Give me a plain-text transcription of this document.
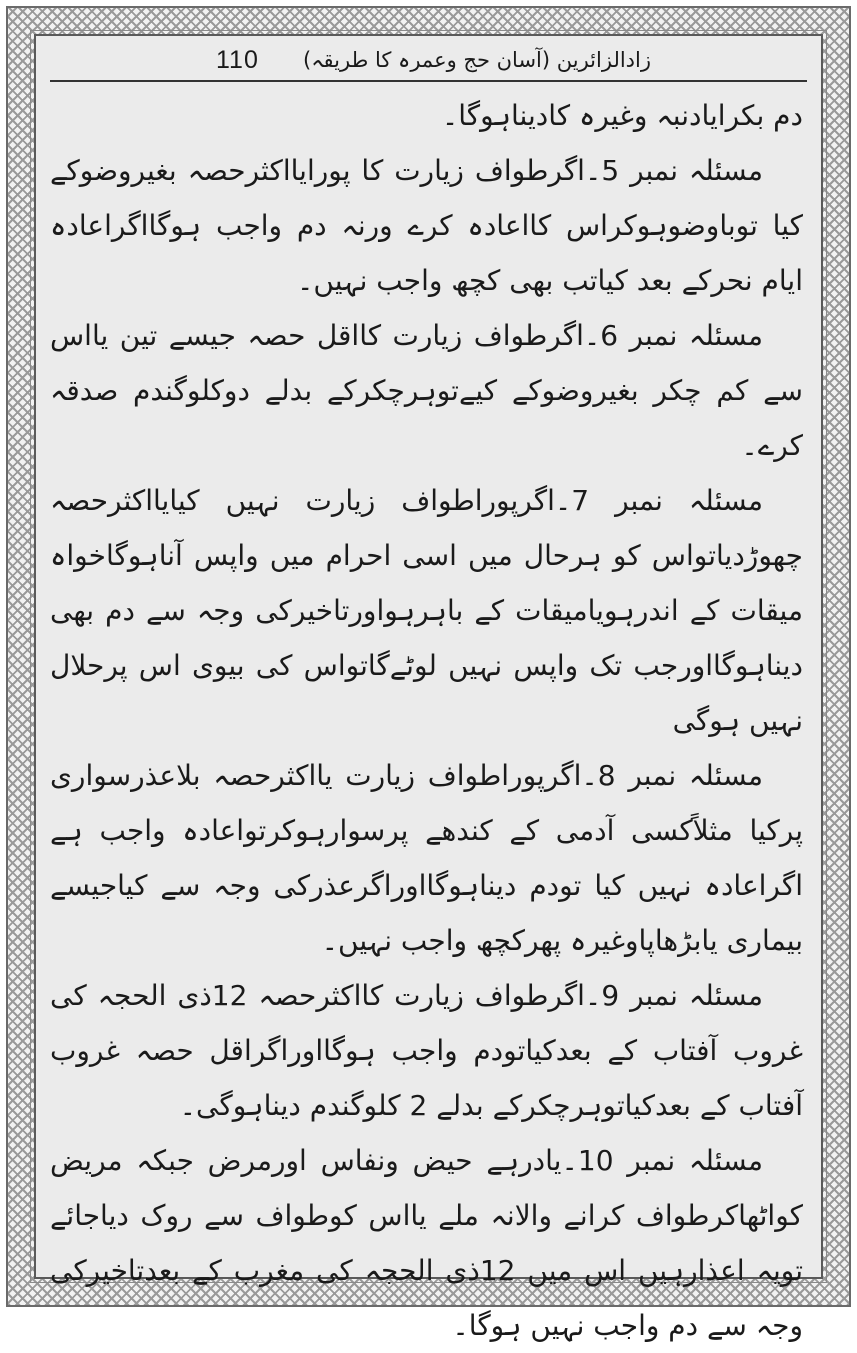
110 زادالزائرین (آسان حج وعمرہ کا طریقہ)

دم بکرایادنبہ وغیرہ کادیناہوگا۔

مسئلہ نمبر 5۔اگرطواف زیارت کا پورایااکثرحصہ بغیروضوکے کیا توباوضوہوکراس کااعادہ کرے ورنہ دم واجب ہوگااگراعادہ ایام نحرکے بعد کیاتب بھی کچھ واجب نہیں۔

مسئلہ نمبر 6۔اگرطواف زیارت کااقل حصہ جیسے تین یااس سے کم چکر بغیروضوکے کیےتوہرچکرکے بدلے دوکلوگندم صدقہ کرے۔

مسئلہ نمبر 7۔اگرپوراطواف زیارت نہیں کیایااکثرحصہ چھوڑدیاتواس کو ہرحال میں اسی احرام میں واپس آناہوگاخواہ میقات کے اندرہویامیقات کے باہرہواورتاخیرکی وجہ سے دم بھی دیناہوگااورجب تک واپس نہیں لوٹےگاتواس کی بیوی اس پرحلال نہیں ہوگی

مسئلہ نمبر 8۔اگرپوراطواف زیارت یااکثرحصہ بلاعذرسواری پرکیا مثلاًکسی آدمی کے کندھے پرسوارہوکرتواعادہ واجب ہے اگراعادہ نہیں کیا تودم دیناہوگااوراگرعذرکی وجہ سے کیاجیسے بیماری یابڑھاپاوغیرہ پھرکچھ واجب نہیں۔

مسئلہ نمبر 9۔اگرطواف زیارت کااکثرحصہ 12ذی الحجہ کی غروب آفتاب کے بعدکیاتودم واجب ہوگااوراگراقل حصہ غروب آفتاب کے بعدکیاتوہرچکرکے بدلے 2 کلوگندم دیناہوگی۔

مسئلہ نمبر 10۔یادرہے حیض ونفاس اورمرض جبکہ مریض کواٹھاکرطواف کرانے والانہ ملے یااس کوطواف سے روک دیاجائے تویہ اعذارہیں اس میں 12ذی الحجہ کی مغرب کے بعدتاخیرکی وجہ سے دم واجب نہیں ہوگا۔
